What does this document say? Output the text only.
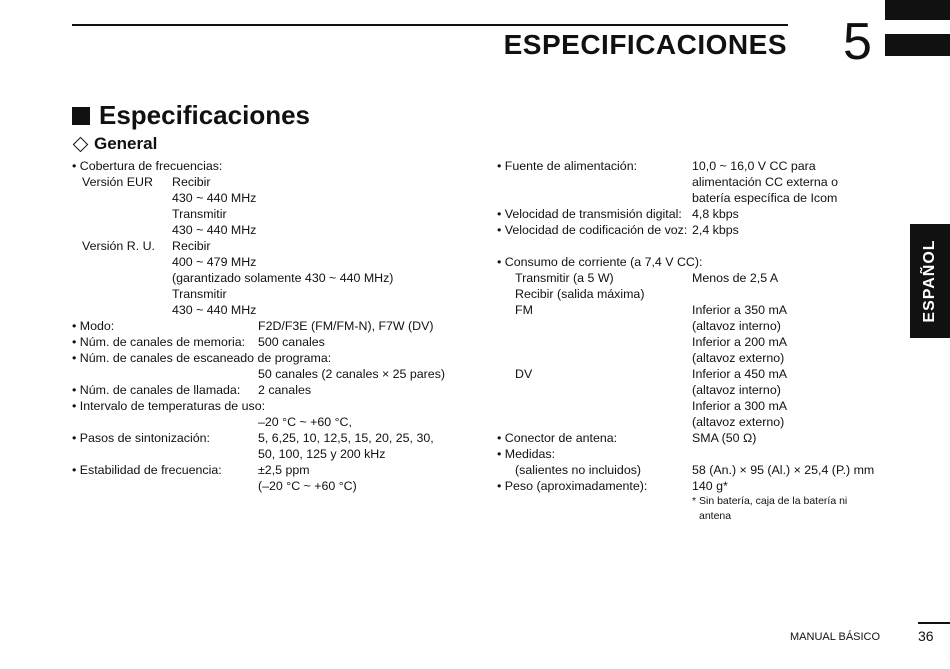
ESPECIFICACIONES 5
Especificaciones
General
• Cobertura de frecuencias:
Versión EUR Recibir
430 ~ 440 MHz
Transmitir
430 ~ 440 MHz
Versión R. U. Recibir
400 ~ 479 MHz
(garantizado solamente 430 ~ 440 MHz)
Transmitir
430 ~ 440 MHz
• Modo:	F2D/F3E (FM/FM-N), F7W (DV)
• Núm. de canales de memoria: 500 canales
• Núm. de canales de escaneado de programa:
50 canales (2 canales × 25 pares)
• Núm. de canales de llamada: 2 canales
• Intervalo de temperaturas de uso:
–20 °C ~ +60 °C,
• Pasos de sintonización:	5, 6,25, 10, 12,5, 15, 20, 25, 30,
50, 100, 125 y 200 kHz
• Estabilidad de frecuencia:	±2,5 ppm
(–20 °C ~ +60 °C)
• Fuente de alimentación:	10,0 ~ 16,0 V CC para
alimentación CC externa o
batería específica de Icom
• Velocidad de transmisión digital: 4,8 kbps
• Velocidad de codificación de voz: 2,4 kbps
• Consumo de corriente (a 7,4 V CC):
Transmitir (a 5 W)	Menos de 2,5 A
Recibir (salida máxima)
FM	Inferior a 350 mA
(altavoz interno)
Inferior a 200 mA
(altavoz externo)
DV	Inferior a 450 mA
(altavoz interno)
Inferior a 300 mA
(altavoz externo)
• Conector de antena:	SMA (50 Ω)
• Medidas:
(salientes no incluidos)	58 (An.) × 95 (Al.) × 25,4 (P.) mm
• Peso (aproximadamente):	140 g*
* Sin batería, caja de la batería ni
antena
ESPAÑOL
MANUAL BÁSICO	36
